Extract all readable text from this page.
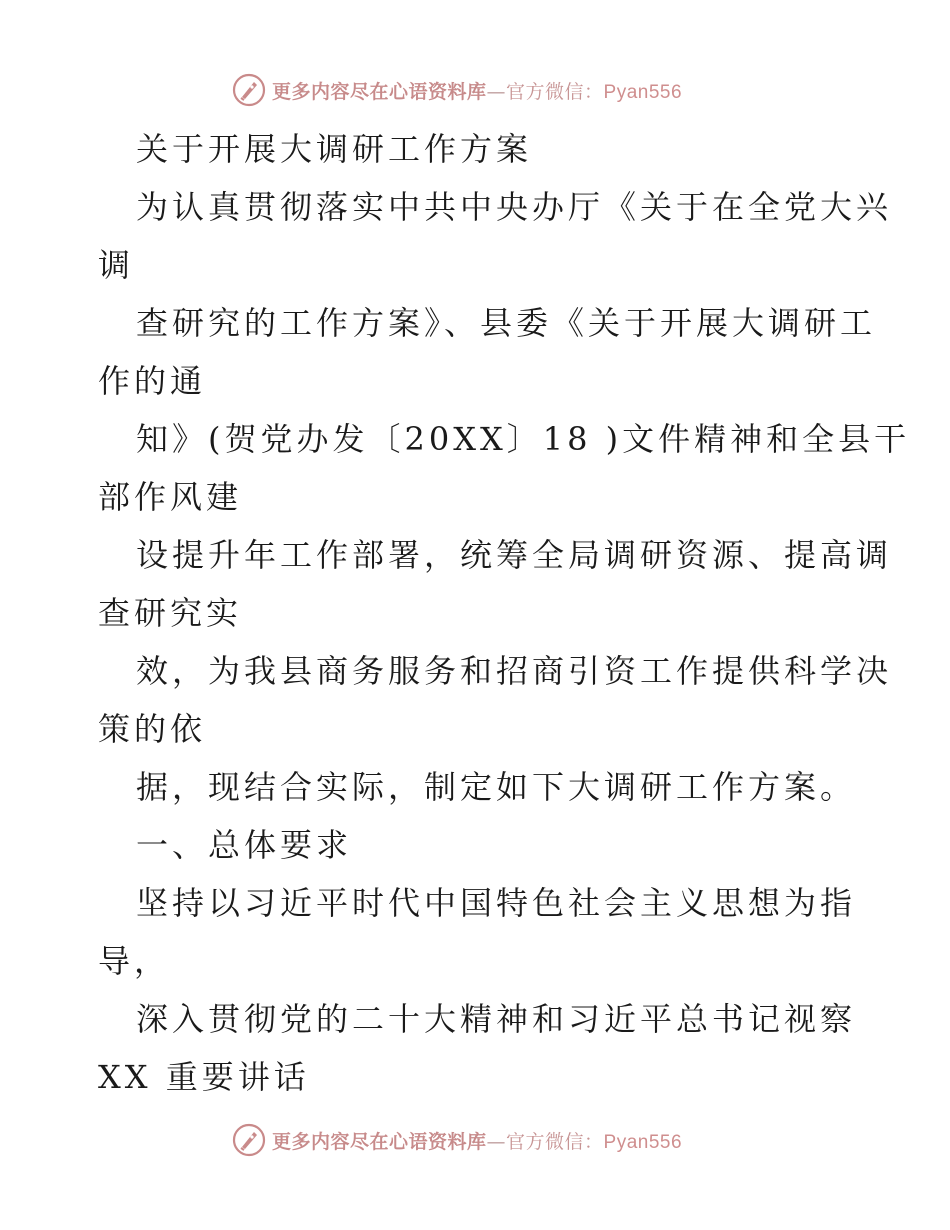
更多内容尽在心语资料库—官方微信：Pyan556
关于开展大调研工作方案
为认真贯彻落实中共中央办厅《关于在全党大兴
调
查研究的工作方案》、县委《关于开展大调研工
作的通
知》(贺党办发〔20XX〕18 )文件精神和全县干
部作风建
设提升年工作部署，统筹全局调研资源、提高调
查研究实
效，为我县商务服务和招商引资工作提供科学决
策的依
据，现结合实际，制定如下大调研工作方案。
一、总体要求
坚持以习近平时代中国特色社会主义思想为指
导，
深入贯彻党的二十大精神和习近平总书记视察
XX 重要讲话
更多内容尽在心语资料库—官方微信：Pyan556
